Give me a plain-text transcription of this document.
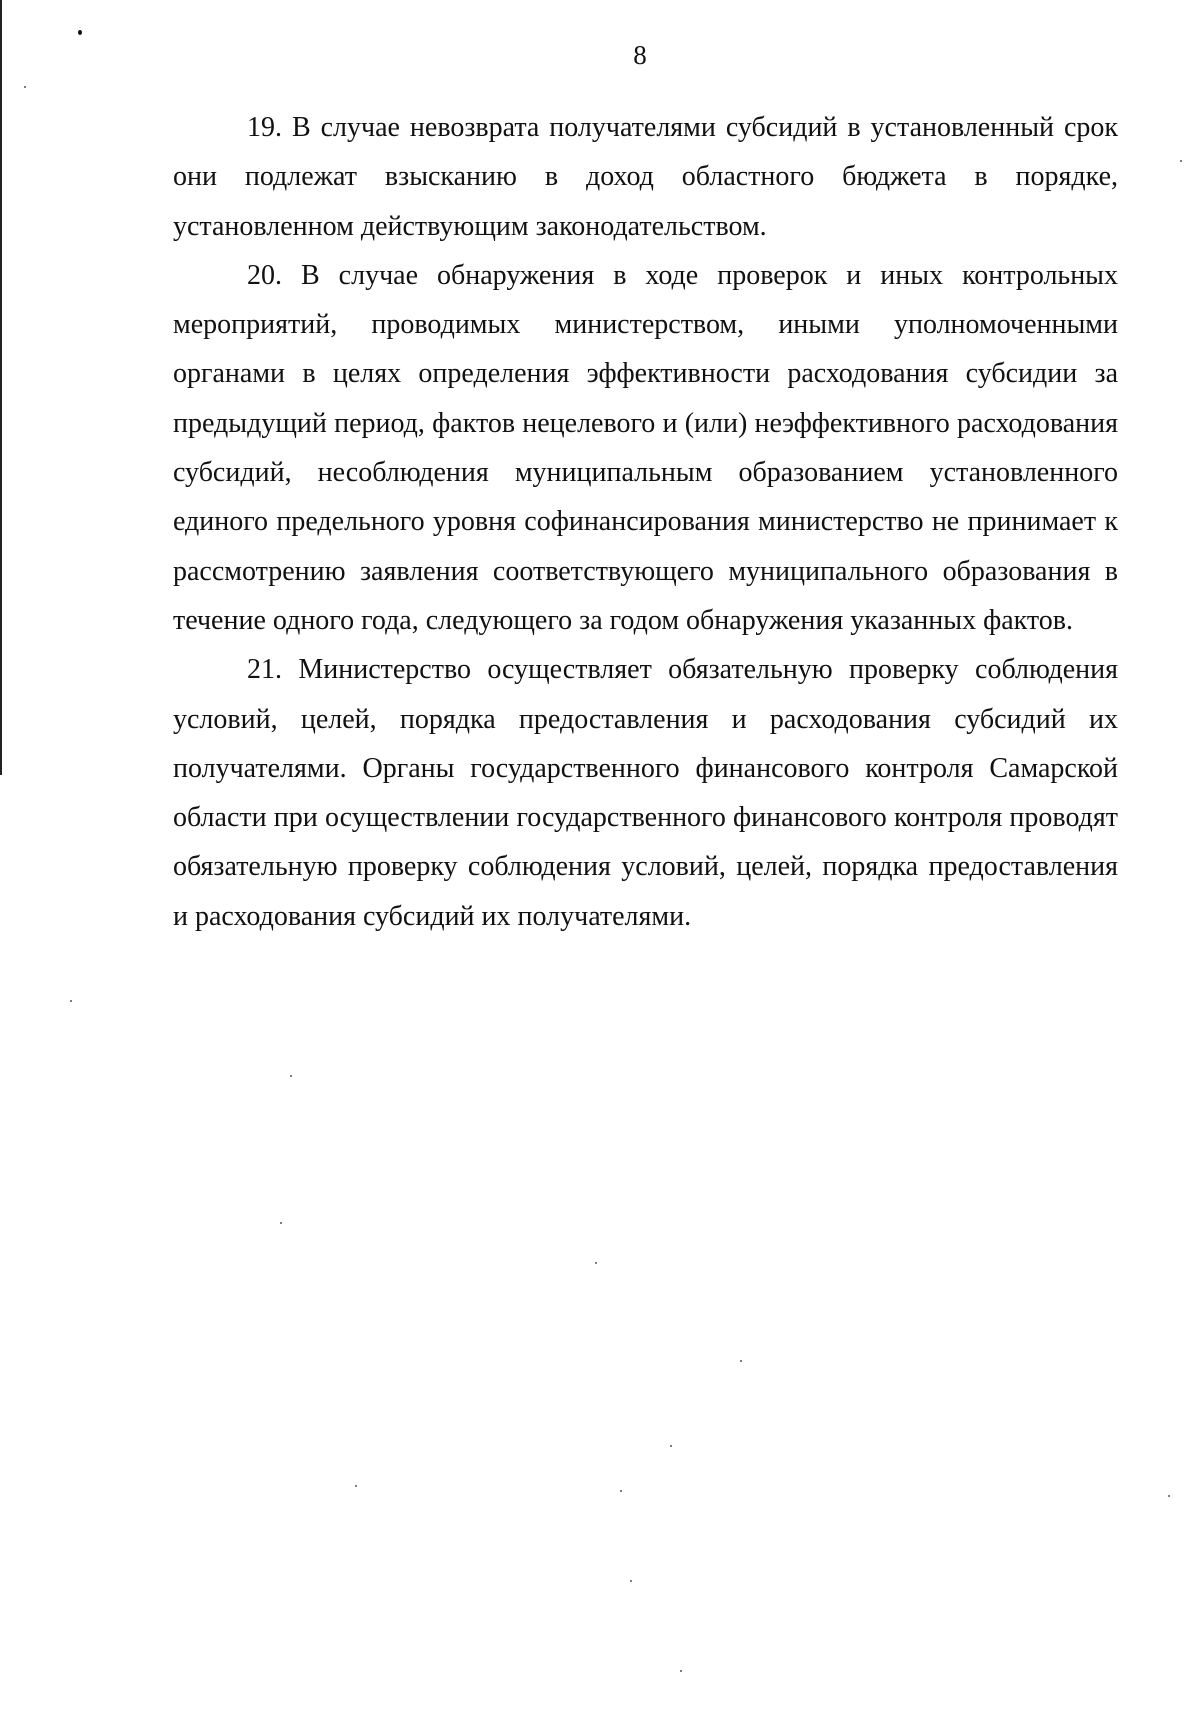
8

19. В случае невозврата получателями субсидий в установленный срок они подлежат взысканию в доход областного бюджета в порядке, установленном действующим законодательством.

20. В случае обнаружения в ходе проверок и иных контрольных мероприятий, проводимых министерством, иными уполномоченными органами в целях определения эффективности расходования субсидии за предыдущий период, фактов нецелевого и (или) неэффективного расходования субсидий, несоблюдения муниципальным образованием установленного единого предельного уровня софинансирования министерство не принимает к рассмотрению заявления соответствующего муниципального образования в течение одного года, следующего за годом обнаружения указанных фактов.

21. Министерство осуществляет обязательную проверку соблюдения условий, целей, порядка предоставления и расходования субсидий их получателями. Органы государственного финансового контроля Самарской области при осуществлении государственного финансового контроля проводят обязательную проверку соблюдения условий, целей, порядка предоставления и расходования субсидий их получателями.
